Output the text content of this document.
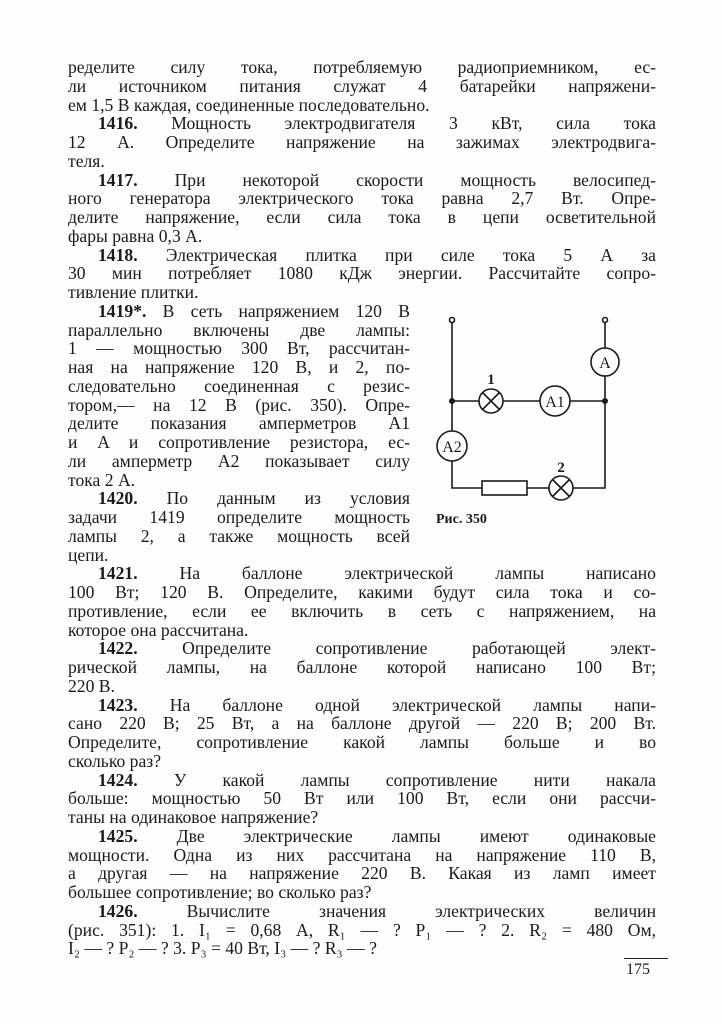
ределите силу тока, потребляемую радиоприемником, ес-
ли источником питания служат 4 батарейки напряжени-
ем 1,5 В каждая, соединенные последовательно.
1416. Мощность электродвигателя 3 кВт, сила тока
12 А. Определите напряжение на зажимах электродвига-
теля.
1417. При некоторой скорости мощность велосипед-
ного генератора электрического тока равна 2,7 Вт. Опре-
делите напряжение, если сила тока в цепи осветительной
фары равна 0,3 А.
1418. Электрическая плитка при силе тока 5 А за
30 мин потребляет 1080 кДж энергии. Рассчитайте сопро-
тивление плитки.
1419*. В сеть напряжением 120 В
параллельно включены две лампы:
1 — мощностью 300 Вт, рассчитан-
ная на напряжение 120 В, и 2, по-
следовательно соединенная с резис-
тором,— на 12 В (рис. 350). Опре-
делите показания амперметров A1
и A и сопротивление резистора, ес-
ли амперметр A2 показывает силу
тока 2 А.
1420. По данным из условия
задачи 1419 определите мощность
лампы 2, а также мощность всей
цепи.
1421. На баллоне электрической лампы написано
100 Вт; 120 В. Определите, какими будут сила тока и со-
противление, если ее включить в сеть с напряжением, на
которое она рассчитана.
1422.	Определите сопротивление работающей элект-
рической лампы, на баллоне которой написано 100 Вт;
220 В.
1423. На баллоне одной электрической лампы напи-
сано 220 В; 25 Вт, а на баллоне другой — 220 В; 200 Вт.
Определите, сопротивление какой лампы больше и во
сколько раз?
1424. У какой лампы сопротивление нити накала
больше: мощностью 50 Вт или 100 Вт, если они рассчи-
таны на одинаковое напряжение?
1425. Две электрические лампы имеют одинаковые
мощности. Одна из них рассчитана на напряжение 110 В,
а другая — на напряжение 220 В. Какая из ламп имеет
большее сопротивление; во сколько раз?
1426.	Вычислите значения электрических величин
(рис. 351): 1. I₁ = 0,68 А, R₁ — ? P₁ — ? 2. R₂ = 480 Ом,
I₂ — ? P₂ — ? 3. P₃ = 40 Вт, I₃ — ? R₃ — ?
A
1
A1
A2
2
Рис. 350
175
